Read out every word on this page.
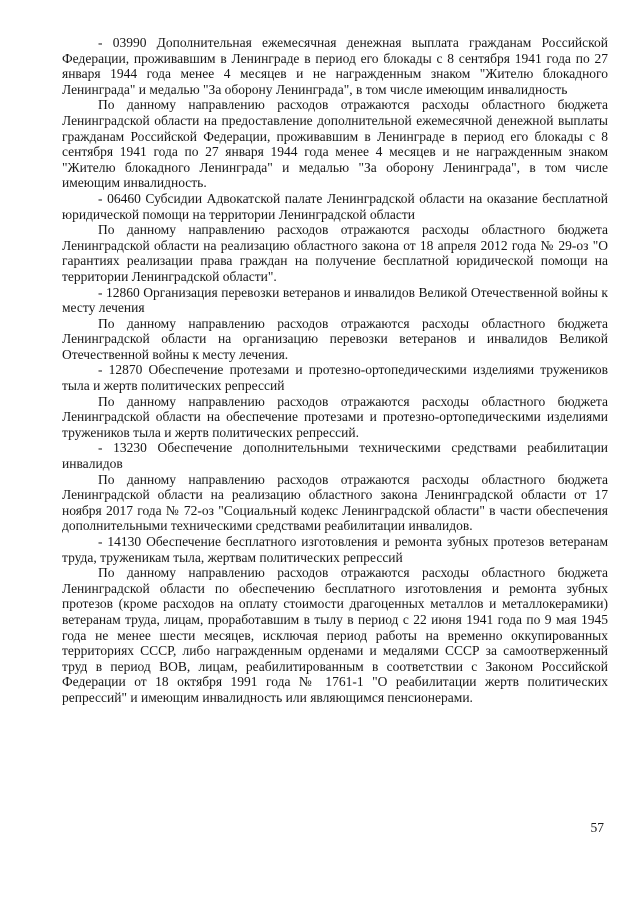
- 03990 Дополнительная ежемесячная денежная выплата гражданам Российской Федерации, проживавшим в Ленинграде в период его блокады с 8 сентября 1941 года по 27 января 1944 года менее 4 месяцев и не награжденным знаком "Жителю блокадного Ленинграда" и медалью "За оборону Ленинграда", в том числе имеющим инвалидность

По данному направлению расходов отражаются расходы областного бюджета Ленинградской области на предоставление дополнительной ежемесячной денежной выплаты гражданам Российской Федерации, проживавшим в Ленинграде в период его блокады с 8 сентября 1941 года по 27 января 1944 года менее 4 месяцев и не награжденным знаком "Жителю блокадного Ленинграда" и медалью "За оборону Ленинграда", в том числе имеющим инвалидность.

- 06460 Субсидии Адвокатской палате Ленинградской области на оказание бесплатной юридической помощи на территории Ленинградской области

По данному направлению расходов отражаются расходы областного бюджета Ленинградской области на реализацию областного закона от 18 апреля 2012 года № 29-оз "О гарантиях реализации права граждан на получение бесплатной юридической помощи на территории Ленинградской области".

- 12860 Организация перевозки ветеранов и инвалидов Великой Отечественной войны к месту лечения

По данному направлению расходов отражаются расходы областного бюджета Ленинградской области на организацию перевозки ветеранов и инвалидов Великой Отечественной войны к месту лечения.

- 12870 Обеспечение протезами и протезно-ортопедическими изделиями тружеников тыла и жертв политических репрессий

По данному направлению расходов отражаются расходы областного бюджета Ленинградской области на обеспечение протезами и протезно-ортопедическими изделиями тружеников тыла и жертв политических репрессий.

- 13230 Обеспечение дополнительными техническими средствами реабилитации инвалидов

По данному направлению расходов отражаются расходы областного бюджета Ленинградской области на реализацию областного закона Ленинградской области от 17 ноября 2017 года № 72-оз "Социальный кодекс Ленинградской области" в части обеспечения дополнительными техническими средствами реабилитации инвалидов.

- 14130 Обеспечение бесплатного изготовления и ремонта зубных протезов ветеранам труда, труженикам тыла, жертвам политических репрессий

По данному направлению расходов отражаются расходы областного бюджета Ленинградской области по обеспечению бесплатного изготовления и ремонта зубных протезов (кроме расходов на оплату стоимости драгоценных металлов и металлокерамики) ветеранам труда, лицам, проработавшим в тылу в период с 22 июня 1941 года по 9 мая 1945 года не менее шести месяцев, исключая период работы на временно оккупированных территориях СССР, либо награжденным орденами и медалями СССР за самоотверженный труд в период ВОВ, лицам, реабилитированным в соответствии с Законом Российской Федерации от 18 октября 1991 года № 1761-1 "О реабилитации жертв политических репрессий" и имеющим инвалидность или являющимся пенсионерами.

57
